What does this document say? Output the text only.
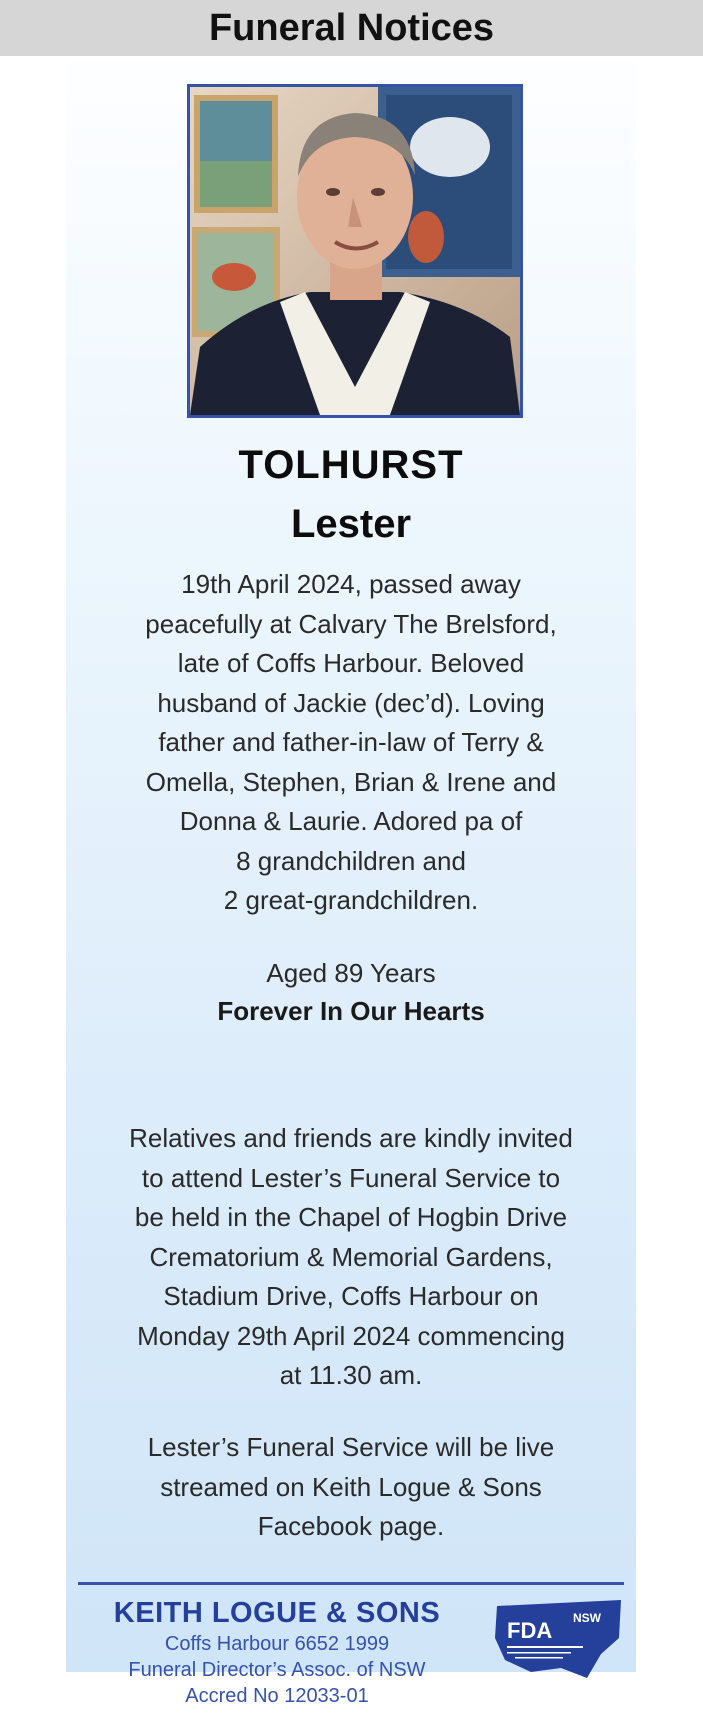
Funeral Notices
TOLHURST
Lester
19th April 2024, passed away
peacefully at Calvary The Brelsford,
late of Coffs Harbour. Beloved
husband of Jackie (dec’d). Loving
father and father-in-law of Terry &
Omella, Stephen, Brian & Irene and
Donna & Laurie. Adored pa of
8 grandchildren and
2 great-grandchildren.
Aged 89 Years
Forever In Our Hearts
Relatives and friends are kindly invited
to attend Lester’s Funeral Service to
be held in the Chapel of Hogbin Drive
Crematorium & Memorial Gardens,
Stadium Drive, Coffs Harbour on
Monday 29th April 2024 commencing
at 11.30 am.
Lester’s Funeral Service will be live
streamed on Keith Logue & Sons
Facebook page.
KEITH LOGUE & SONS
Coffs Harbour 6652 1999
Funeral Director’s Assoc. of NSW
Accred No 12033-01
FDA NSW
